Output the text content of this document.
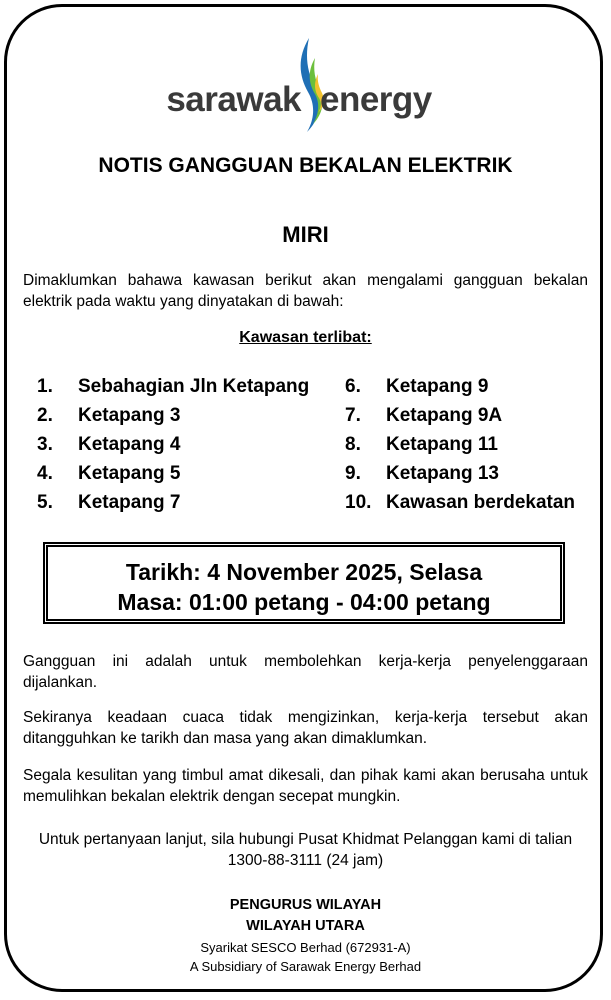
sarawak energy
NOTIS GANGGUAN BEKALAN ELEKTRIK
MIRI
Dimaklumkan bahawa kawasan berikut akan mengalami gangguan bekalan elektrik pada waktu yang dinyatakan di bawah:
Kawasan terlibat:
1. Sebahagian Jln Ketapang
2. Ketapang 3
3. Ketapang 4
4. Ketapang 5
5. Ketapang 7
6. Ketapang 9
7. Ketapang 9A
8. Ketapang 11
9. Ketapang 13
10. Kawasan berdekatan
Tarikh: 4 November 2025, Selasa
Masa: 01:00 petang - 04:00 petang
Gangguan ini adalah untuk membolehkan kerja-kerja penyelenggaraan dijalankan.
Sekiranya keadaan cuaca tidak mengizinkan, kerja-kerja tersebut akan ditangguhkan ke tarikh dan masa yang akan dimaklumkan.
Segala kesulitan yang timbul amat dikesali, dan pihak kami akan berusaha untuk memulihkan bekalan elektrik dengan secepat mungkin.
Untuk pertanyaan lanjut, sila hubungi Pusat Khidmat Pelanggan kami di talian
1300-88-3111 (24 jam)
PENGURUS WILAYAH
WILAYAH UTARA
Syarikat SESCO Berhad (672931-A)
A Subsidiary of Sarawak Energy Berhad
